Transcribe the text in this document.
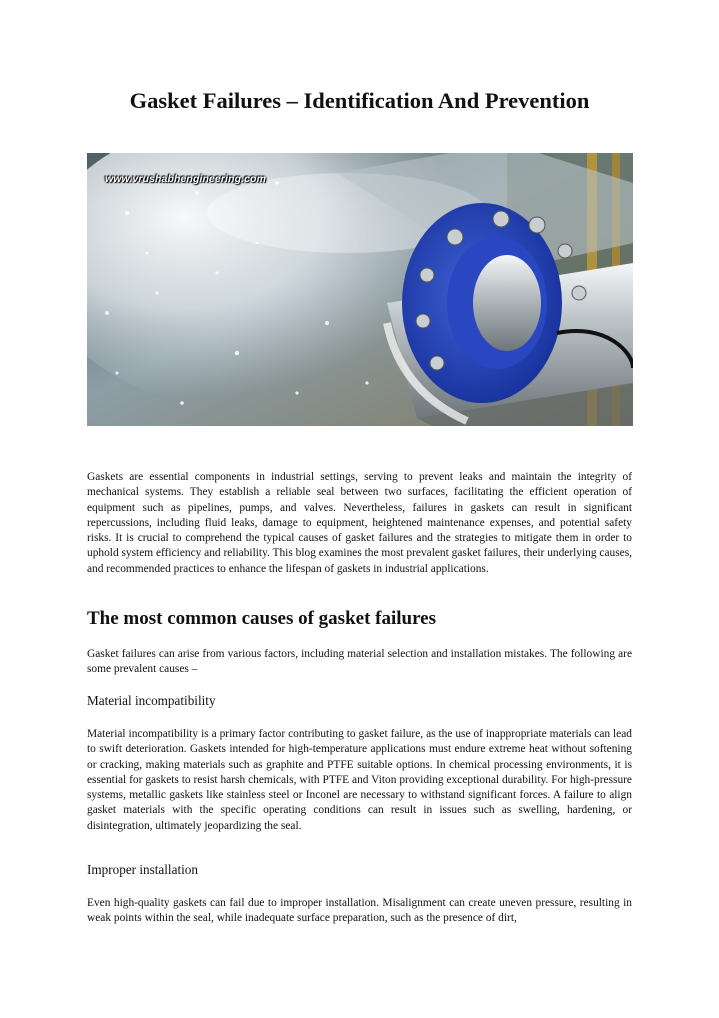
Gasket Failures – Identification And Prevention
www.vrushabhengineering.com

Gaskets are essential components in industrial settings, serving to prevent leaks and maintain the integrity of mechanical systems. They establish a reliable seal between two surfaces, facilitating the efficient operation of equipment such as pipelines, pumps, and valves. Nevertheless, failures in gaskets can result in significant repercussions, including fluid leaks, damage to equipment, heightened maintenance expenses, and potential safety risks. It is crucial to comprehend the typical causes of gasket failures and the strategies to mitigate them in order to uphold system efficiency and reliability. This blog examines the most prevalent gasket failures, their underlying causes, and recommended practices to enhance the lifespan of gaskets in industrial applications.

The most common causes of gasket failures

Gasket failures can arise from various factors, including material selection and installation mistakes. The following are some prevalent causes –

Material incompatibility

Material incompatibility is a primary factor contributing to gasket failure, as the use of inappropriate materials can lead to swift deterioration. Gaskets intended for high-temperature applications must endure extreme heat without softening or cracking, making materials such as graphite and PTFE suitable options. In chemical processing environments, it is essential for gaskets to resist harsh chemicals, with PTFE and Viton providing exceptional durability. For high-pressure systems, metallic gaskets like stainless steel or Inconel are necessary to withstand significant forces. A failure to align gasket materials with the specific operating conditions can result in issues such as swelling, hardening, or disintegration, ultimately jeopardizing the seal.

Improper installation

Even high-quality gaskets can fail due to improper installation. Misalignment can create uneven pressure, resulting in weak points within the seal, while inadequate surface preparation, such as the presence of dirt,
